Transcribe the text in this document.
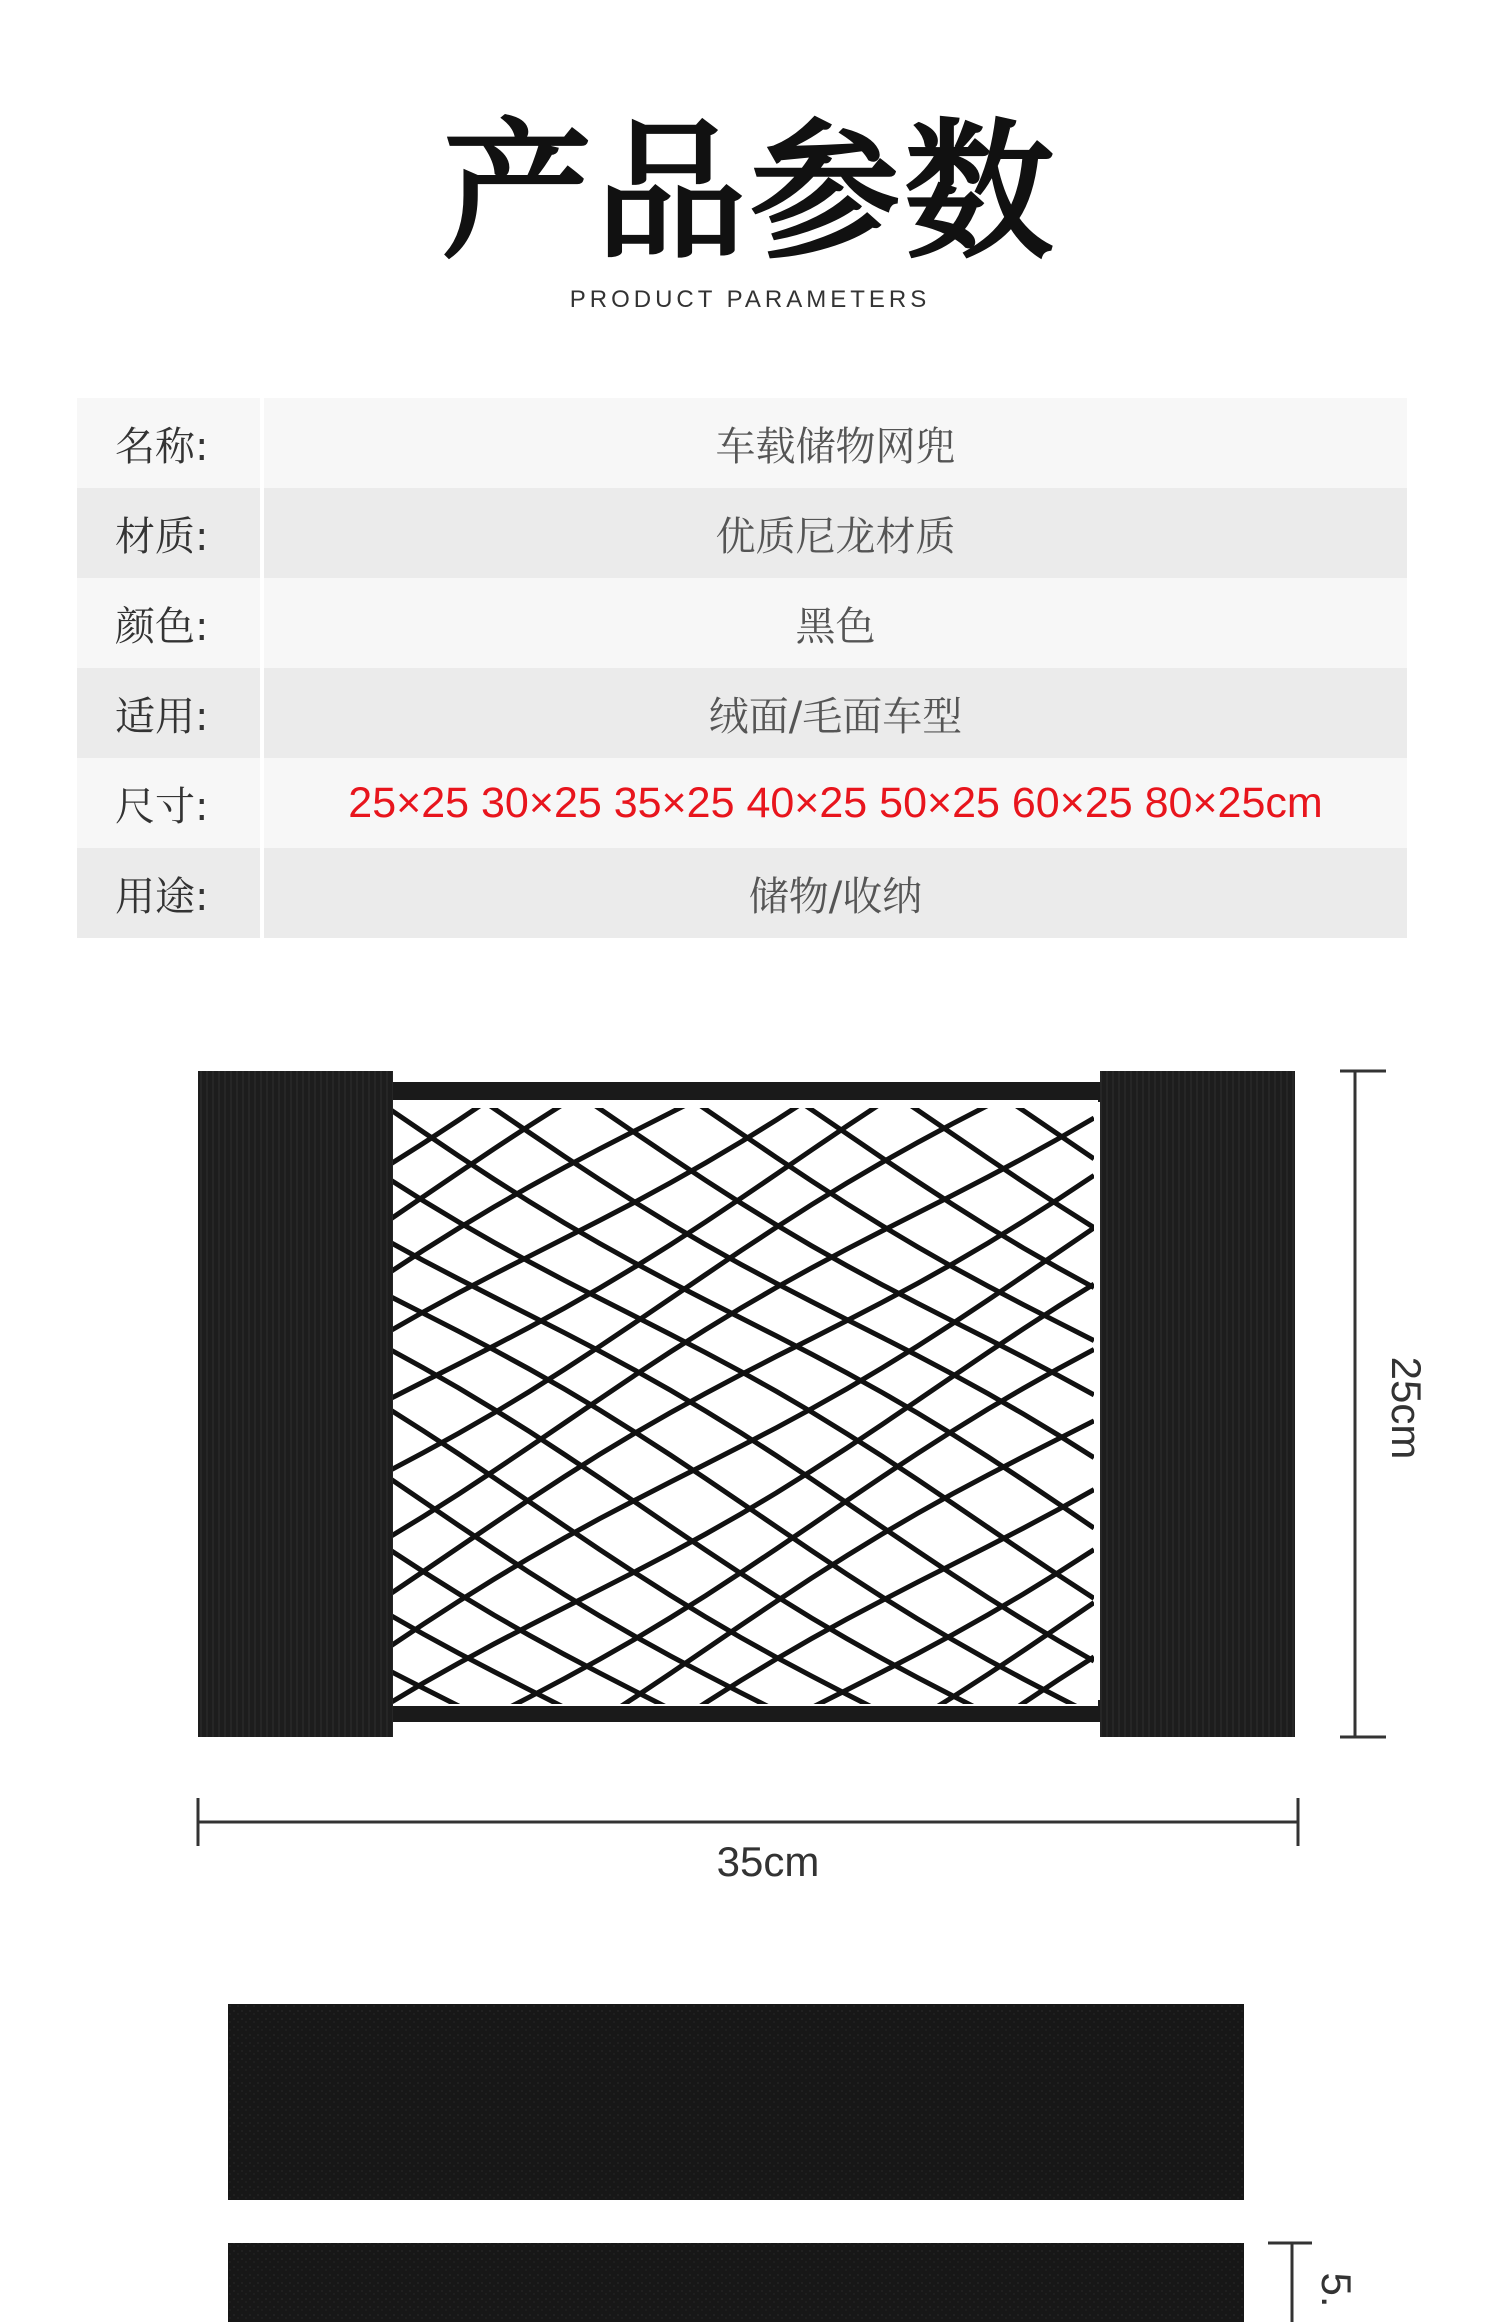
产品参数
PRODUCT PARAMETERS
名称:	车载储物网兜
材质:	优质尼龙材质
颜色:	黑色
适用:	绒面/毛面车型
尺寸:	25×25 30×25 35×25 40×25 50×25 60×25 80×25cm
用途:	储物/收纳
25cm
35cm
5.
